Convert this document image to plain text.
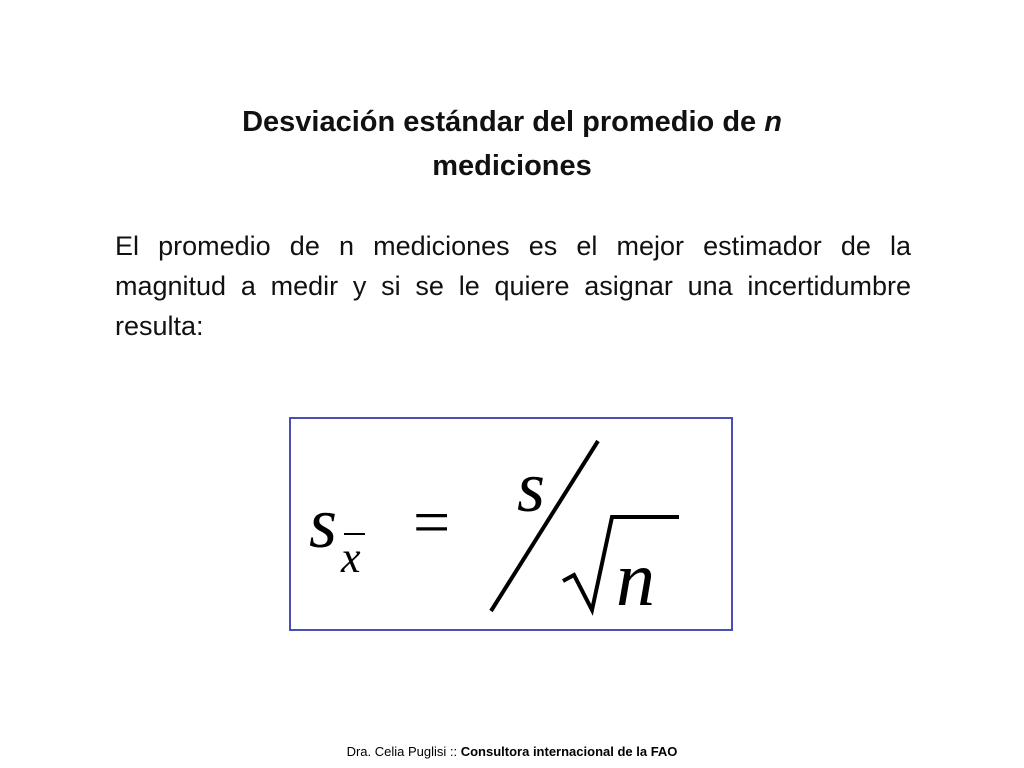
Desviación estándar del promedio de n
mediciones

El promedio de n mediciones es el mejor estimador de la magnitud a medir y si se le quiere asignar una incertidumbre resulta:

s x = s
n
Dra. Celia Puglisi :: Consultora internacional de la FAO
